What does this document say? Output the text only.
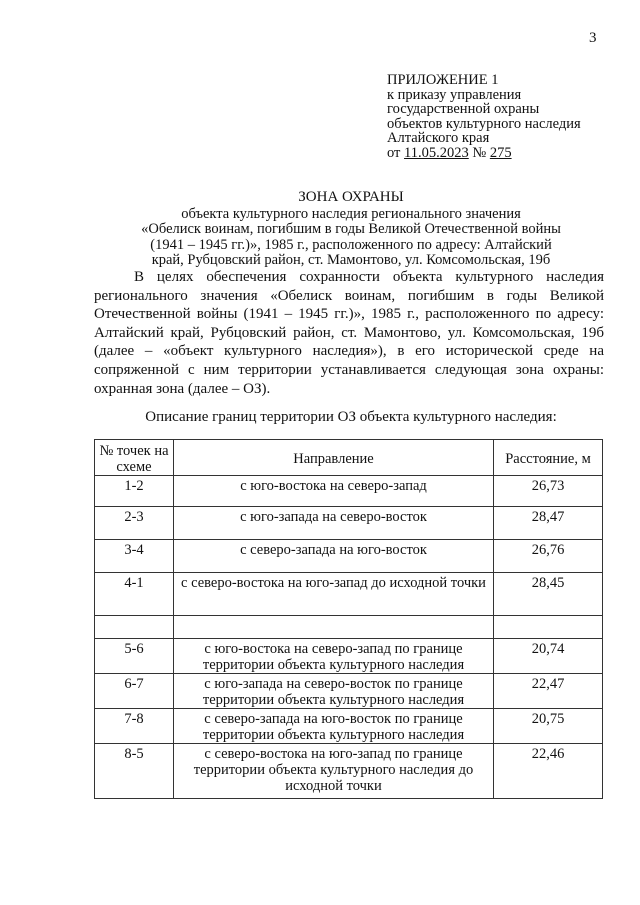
3
ПРИЛОЖЕНИЕ 1
к приказу управления
государственной охраны
объектов культурного наследия
Алтайского края
от 11.05.2023 № 275
ЗОНА ОХРАНЫ
объекта культурного наследия регионального значения
«Обелиск воинам, погибшим в годы Великой Отечественной войны
(1941 – 1945 гг.)», 1985 г., расположенного по адресу: Алтайский
край, Рубцовский район, ст. Мамонтово, ул. Комсомольская, 19б
В целях обеспечения сохранности объекта культурного наследия регионального значения «Обелиск воинам, погибшим в годы Великой Отечественной войны (1941 – 1945 гг.)», 1985 г., расположенного по адресу: Алтайский край, Рубцовский район, ст. Мамонтово, ул. Комсомольская, 19б (далее – «объект культурного наследия»), в его исторической среде на сопряженной с ним территории устанавливается следующая зона охраны: охранная зона (далее – ОЗ).
Описание границ территории ОЗ объекта культурного наследия:
№ точек на схеме	Направление	Расстояние, м
1-2	с юго-востока на северо-запад	26,73
2-3	с юго-запада на северо-восток	28,47
3-4	с северо-запада на юго-восток	26,76
4-1	с северо-востока на юго-запад до исходной точки	28,45

5-6	с юго-востока на северо-запад по границе территории объекта культурного наследия	20,74
6-7	с юго-запада на северо-восток по границе территории объекта культурного наследия	22,47
7-8	с северо-запада на юго-восток по границе территории объекта культурного наследия	20,75
8-5	с северо-востока на юго-запад по границе территории объекта культурного наследия до исходной точки	22,46
